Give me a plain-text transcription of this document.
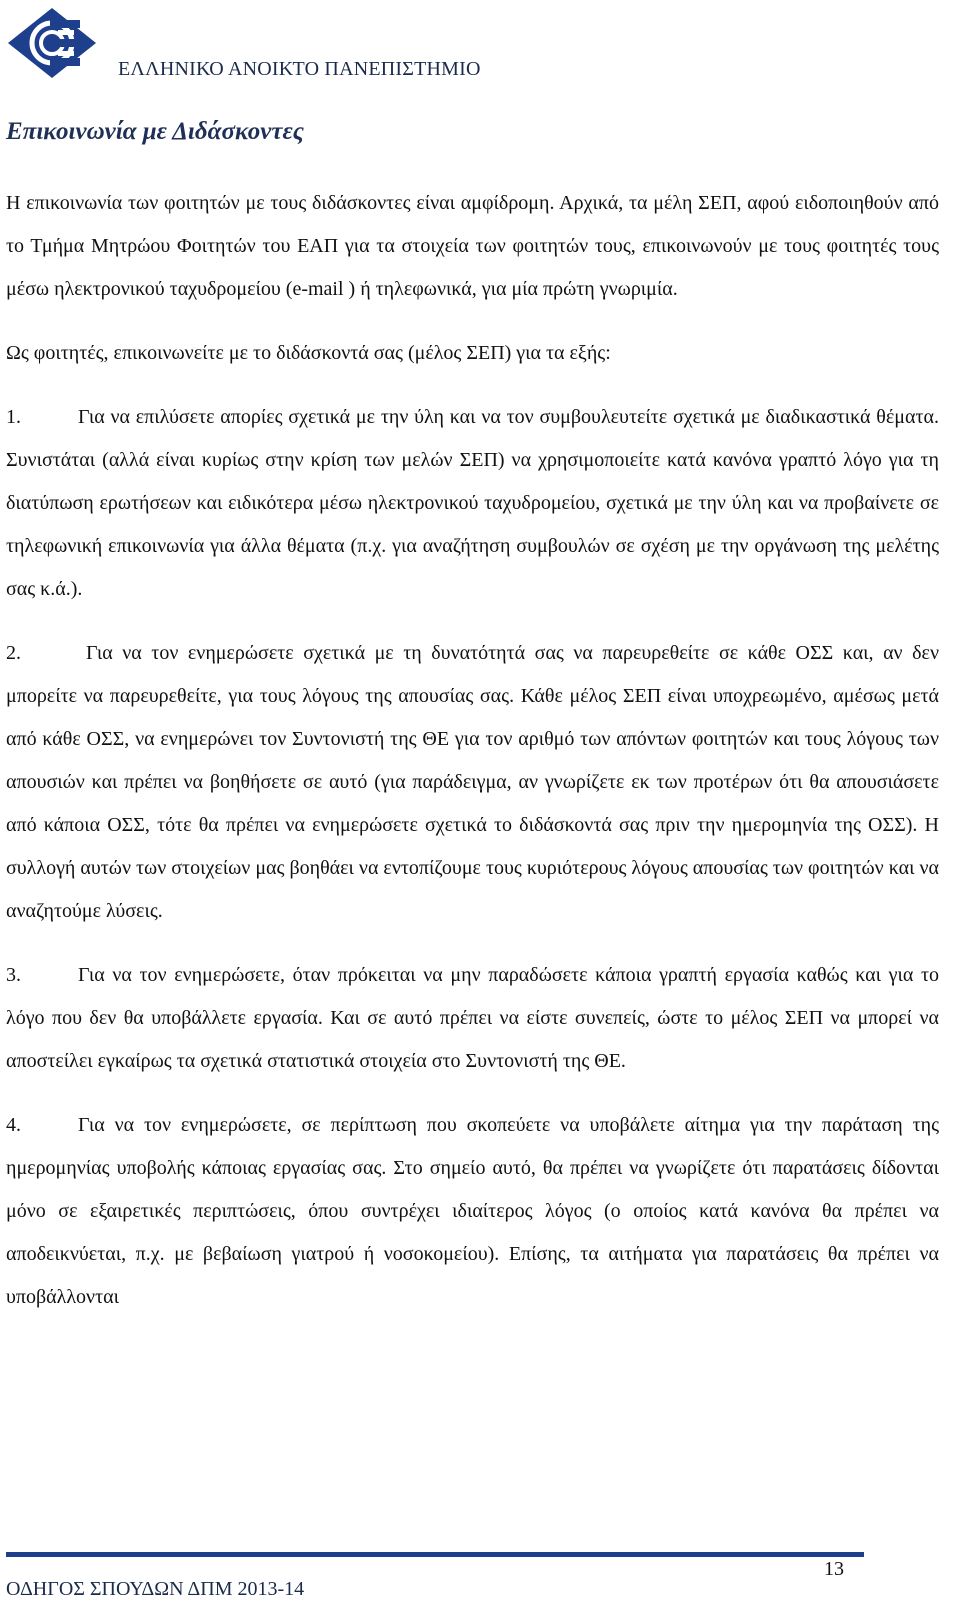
ΕΛΛΗΝΙΚΟ ΑΝΟΙΚΤΟ ΠΑΝΕΠΙΣΤΗΜΙΟ
Επικοινωνία με Διδάσκοντες

Η επικοινωνία των φοιτητών με τους διδάσκοντες είναι αμφίδρομη. Αρχικά, τα μέλη ΣΕΠ, αφού ειδοποιηθούν από το Τμήμα Μητρώου Φοιτητών του ΕΑΠ για τα στοιχεία των φοιτητών τους, επικοινωνούν με τους φοιτητές τους μέσω ηλεκτρονικού ταχυδρομείου (e-mail ) ή τηλεφωνικά, για μία πρώτη γνωριμία.

Ως φοιτητές, επικοινωνείτε με το διδάσκοντά σας (μέλος ΣΕΠ) για τα εξής:

1.	Για να επιλύσετε απορίες σχετικά με την ύλη και να τον συμβουλευτείτε σχετικά με διαδικαστικά θέματα. Συνιστάται (αλλά είναι κυρίως στην κρίση των μελών ΣΕΠ) να χρησιμοποιείτε κατά κανόνα γραπτό λόγο για τη διατύπωση ερωτήσεων και ειδικότερα μέσω ηλεκτρονικού ταχυδρομείου, σχετικά με την ύλη και να προβαίνετε σε τηλεφωνική επικοινωνία για άλλα θέματα (π.χ. για αναζήτηση συμβουλών σε σχέση με την οργάνωση της μελέτης σας κ.ά.).

2.	Για να τον ενημερώσετε σχετικά με τη δυνατότητά σας να παρευρεθείτε σε κάθε ΟΣΣ και, αν δεν μπορείτε να παρευρεθείτε, για τους λόγους της απουσίας σας. Κάθε μέλος ΣΕΠ είναι υποχρεωμένο, αμέσως μετά από κάθε ΟΣΣ, να ενημερώνει τον Συντονιστή της ΘΕ για τον αριθμό των απόντων φοιτητών και τους λόγους των απουσιών και πρέπει να βοηθήσετε σε αυτό (για παράδειγμα, αν γνωρίζετε εκ των προτέρων ότι θα απουσιάσετε από κάποια ΟΣΣ, τότε θα πρέπει να ενημερώσετε σχετικά το διδάσκοντά σας πριν την ημερομηνία της ΟΣΣ). Η συλλογή αυτών των στοιχείων μας βοηθάει να εντοπίζουμε τους κυριότερους λόγους απουσίας των φοιτητών και να αναζητούμε λύσεις.

3.	Για να τον ενημερώσετε, όταν πρόκειται να μην παραδώσετε κάποια γραπτή εργασία καθώς και για το λόγο που δεν θα υποβάλλετε εργασία. Και σε αυτό πρέπει να είστε συνεπείς, ώστε το μέλος ΣΕΠ να μπορεί να αποστείλει εγκαίρως τα σχετικά στατιστικά στοιχεία στο Συντονιστή της ΘΕ.

4.	Για να τον ενημερώσετε, σε περίπτωση που σκοπεύετε να υποβάλετε αίτημα για την παράταση της ημερομηνίας υποβολής κάποιας εργασίας σας. Στο σημείο αυτό, θα πρέπει να γνωρίζετε ότι παρατάσεις δίδονται μόνο σε εξαιρετικές περιπτώσεις, όπου συντρέχει ιδιαίτερος λόγος (ο οποίος κατά κανόνα θα πρέπει να αποδεικνύεται, π.χ. με βεβαίωση γιατρού ή νοσοκομείου). Επίσης, τα αιτήματα για παρατάσεις θα πρέπει να υποβάλλονται

13
ΟΔΗΓΟΣ ΣΠΟΥΔΩΝ ΔΠΜ 2013-14
